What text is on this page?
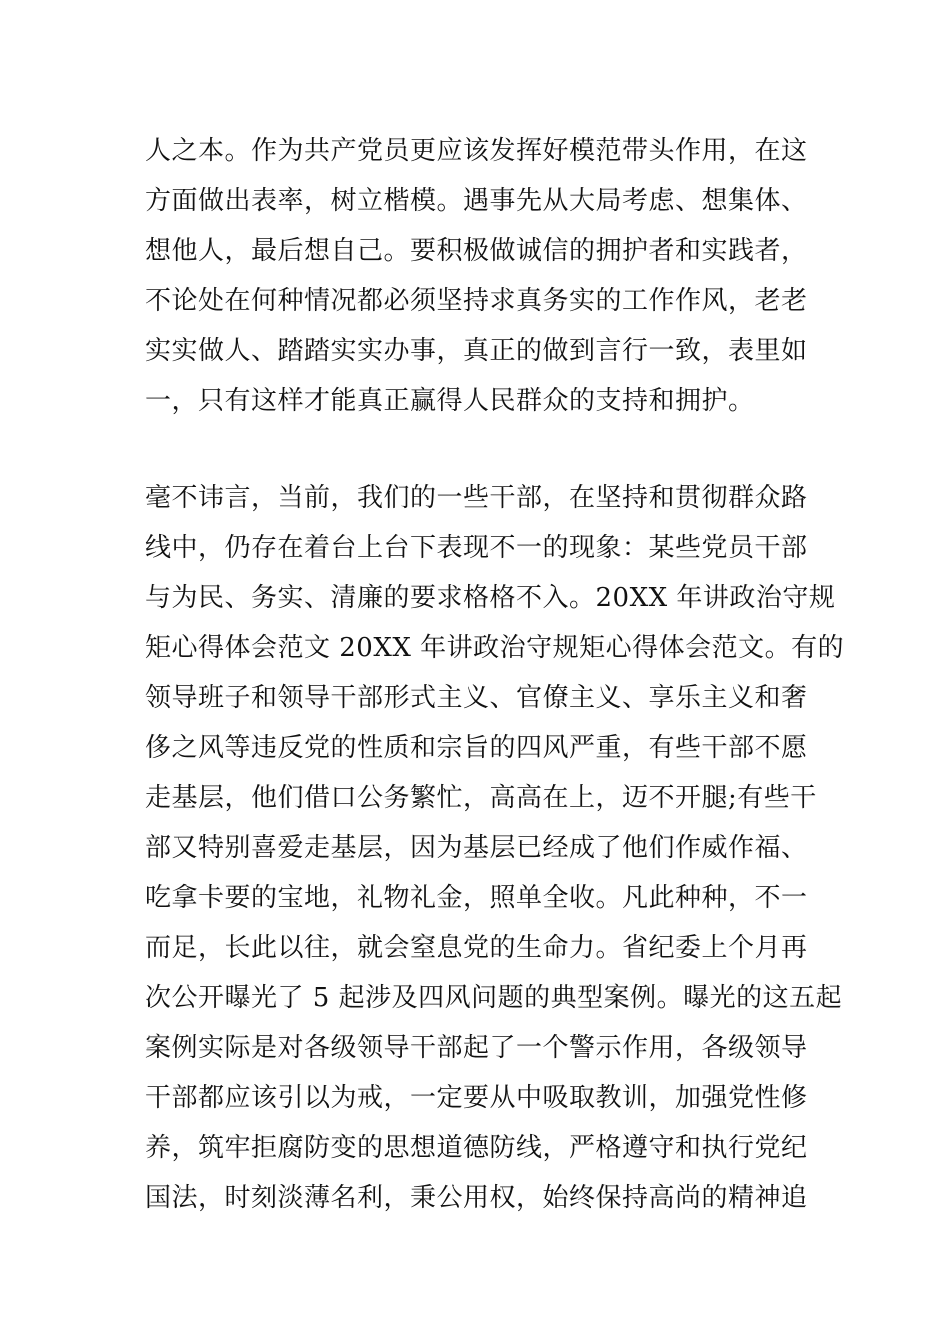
人之本。作为共产党员更应该发挥好模范带头作用，在这
方面做出表率，树立楷模。遇事先从大局考虑、想集体、
想他人，最后想自己。要积极做诚信的拥护者和实践者，
不论处在何种情况都必须坚持求真务实的工作作风，老老
实实做人、踏踏实实办事，真正的做到言行一致，表里如
一，只有这样才能真正赢得人民群众的支持和拥护。
毫不讳言，当前，我们的一些干部，在坚持和贯彻群众路
线中，仍存在着台上台下表现不一的现象：某些党员干部
与为民、务实、清廉的要求格格不入。20XX 年讲政治守规
矩心得体会范文 20XX 年讲政治守规矩心得体会范文。有的
领导班子和领导干部形式主义、官僚主义、享乐主义和奢
侈之风等违反党的性质和宗旨的四风严重，有些干部不愿
走基层，他们借口公务繁忙，高高在上，迈不开腿;有些干
部又特别喜爱走基层，因为基层已经成了他们作威作福、
吃拿卡要的宝地，礼物礼金，照单全收。凡此种种，不一
而足，长此以往，就会窒息党的生命力。省纪委上个月再
次公开曝光了 5 起涉及四风问题的典型案例。曝光的这五起
案例实际是对各级领导干部起了一个警示作用，各级领导
干部都应该引以为戒，一定要从中吸取教训，加强党性修
养，筑牢拒腐防变的思想道德防线，严格遵守和执行党纪
国法，时刻淡薄名利，秉公用权，始终保持高尚的精神追
